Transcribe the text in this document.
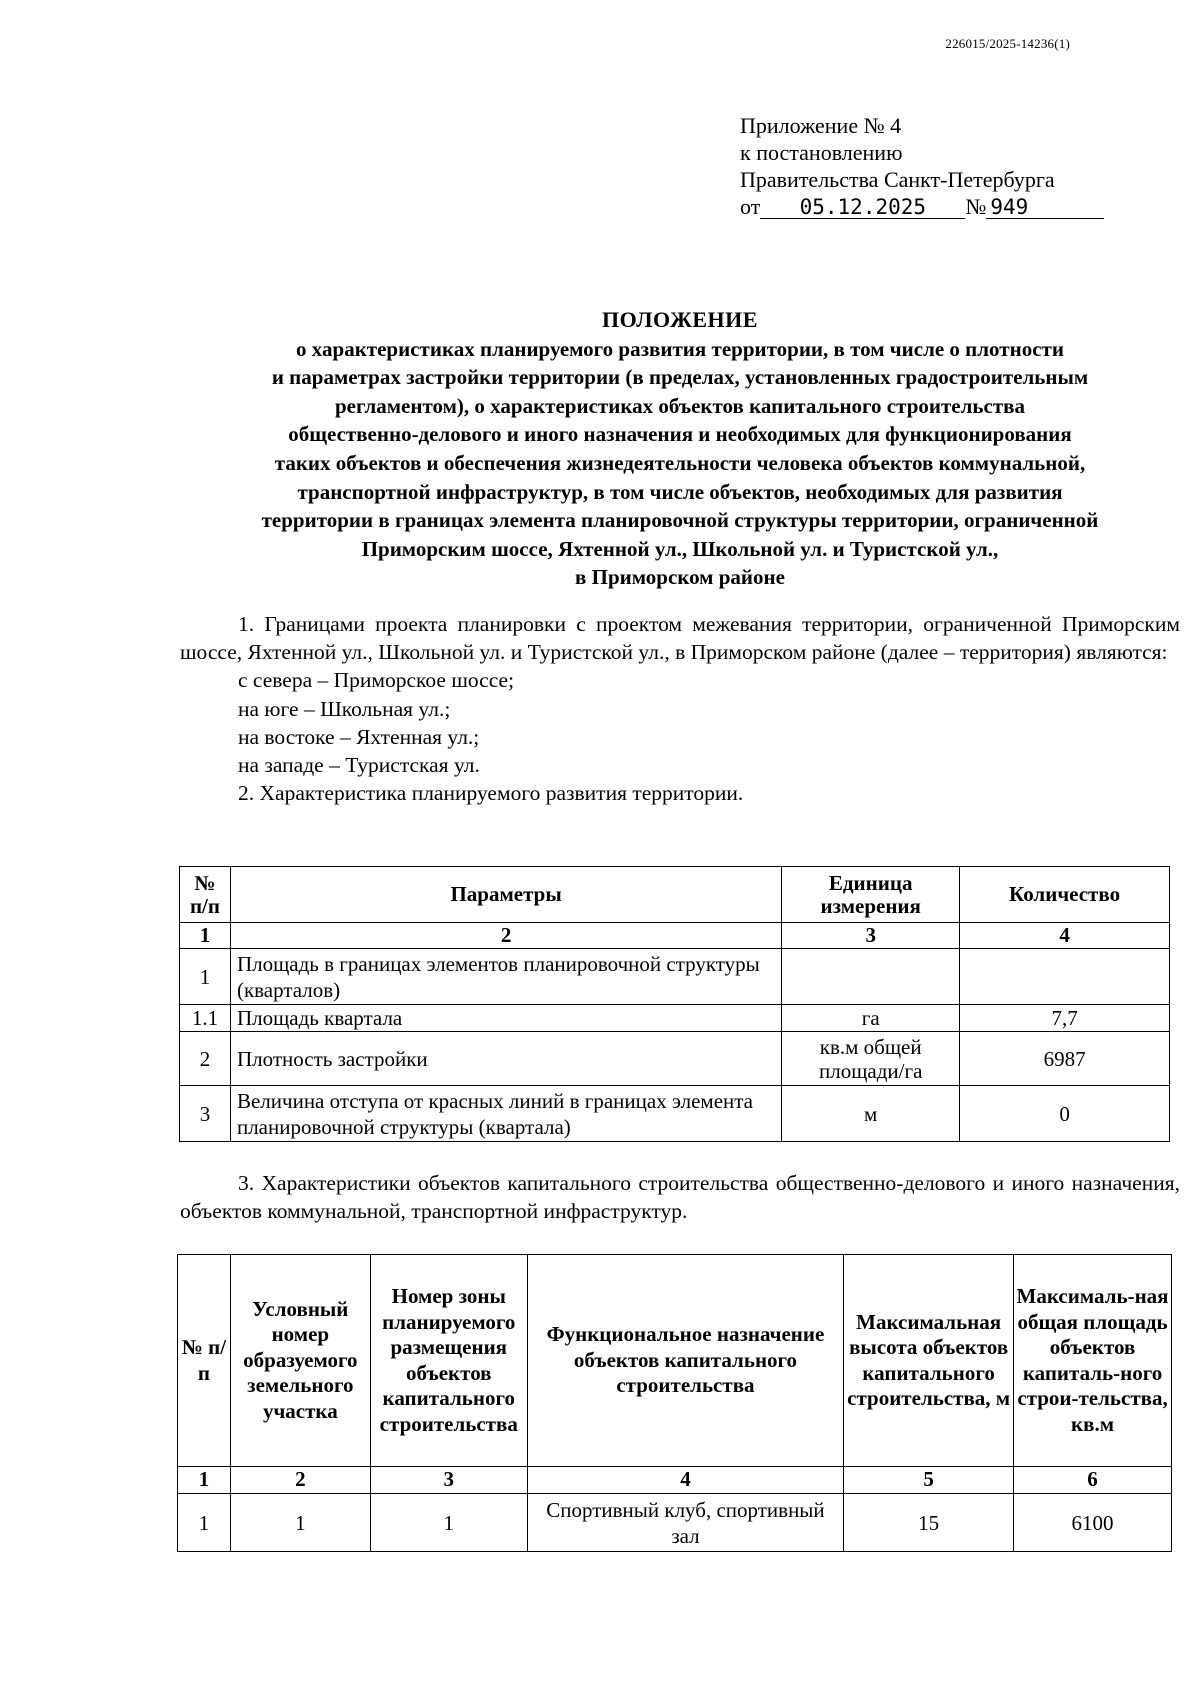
226015/2025-14236(1)
Приложение № 4
к постановлению
Правительства Санкт-Петербурга
от 05.12.2025 № 949
ПОЛОЖЕНИЕ
о характеристиках планируемого развития территории, в том числе о плотности
и параметрах застройки территории (в пределах, установленных градостроительным
регламентом), о характеристиках объектов капитального строительства
общественно-делового и иного назначения и необходимых для функционирования
таких объектов и обеспечения жизнедеятельности человека объектов коммунальной,
транспортной инфраструктур, в том числе объектов, необходимых для развития
территории в границах элемента планировочной структуры территории, ограниченной
Приморским шоссе, Яхтенной ул., Школьной ул. и Туристской ул.,
в Приморском районе

1. Границами проекта планировки с проектом межевания территории, ограниченной Приморским шоссе, Яхтенной ул., Школьной ул. и Туристской ул., в Приморском районе (далее – территория) являются:

с севера – Приморское шоссе;

на юге – Школьная ул.;

на востоке – Яхтенная ул.;

на западе – Туристская ул.

2. Характеристика планируемого развития территории.

№ п/п	Параметры	Единица измерения	Количество
1	2	3	4
1	Площадь в границах элементов планировочной структуры (кварталов)		
1.1	Площадь квартала	га	7,7
2	Плотность застройки	кв.м общей площади/га	6987
3	Величина отступа от красных линий в границах элемента планировочной структуры (квартала)	м	0

3. Характеристики объектов капитального строительства общественно-делового и иного назначения, объектов коммунальной, транспортной инфраструктур.

№ п/п	Условный номер образуемого земельного участка	Номер зоны планируемого размещения объектов капитального строительства	Функциональное назначение объектов капитального строительства	Максимальная высота объектов капитального строительства, м	Максималь-ная общая площадь объектов капиталь-ного строи-тельства, кв.м
1	2	3	4	5	6
1	1	1	Спортивный клуб, спортивный зал	15	6100
